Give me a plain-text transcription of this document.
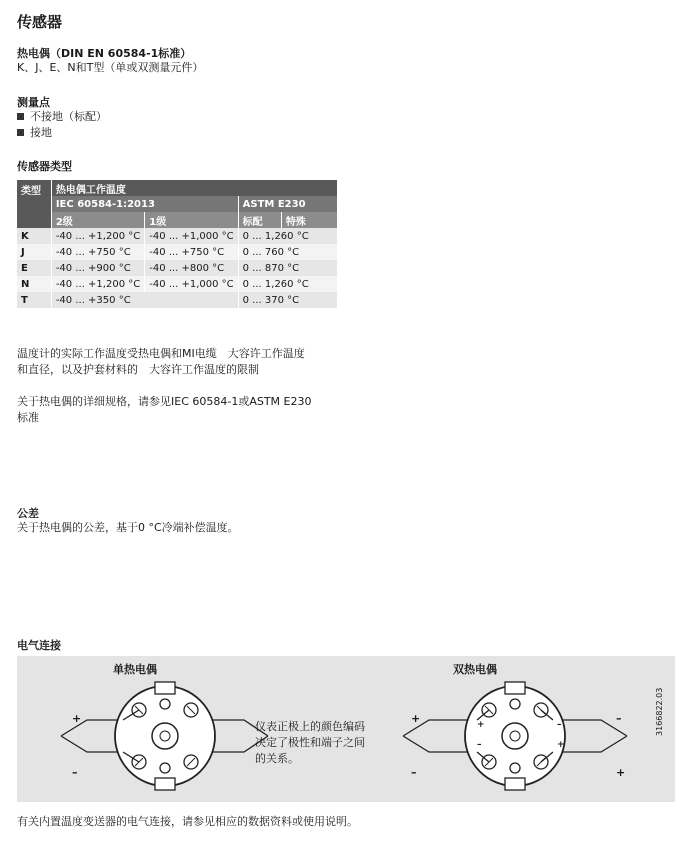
传感器
热电偶（DIN EN 60584-1标准）
K、J、E、N和T型（单或双测量元件）
测量点
不接地（标配）
接地
传感器类型
类型	热电偶工作温度			
	IEC 60584-1:2013		ASTM E230	
	2级	1级	标配	特殊
K	-40 ... +1,200 °C	-40 ... +1,000 °C	0 ... 1,260 °C	
J	-40 ... +750 °C	-40 ... +750 °C	0 ... 760 °C	
E	-40 ... +900 °C	-40 ... +800 °C	0 ... 870 °C	
N	-40 ... +1,200 °C	-40 ... +1,000 °C	0 ... 1,260 °C	
T	-40 ... +350 °C		0 ... 370 °C	
温度计的实际工作温度受热电偶和MI电缆　大容许工作温度
和直径，以及护套材料的　大容许工作温度的限制
关于热电偶的详细规格，请参见IEC 60584-1或ASTM E230
标准
公差
关于热电偶的公差，基于0 °C冷端补偿温度。
电气连接
单热电偶	双热电偶
+
–
仪表正极上的颜色编码
决定了极性和端子之间
的关系。
+
–
–
+
+
–
–
+
3166822.03
有关内置温度变送器的电气连接，请参见相应的数据资料或使用说明。
